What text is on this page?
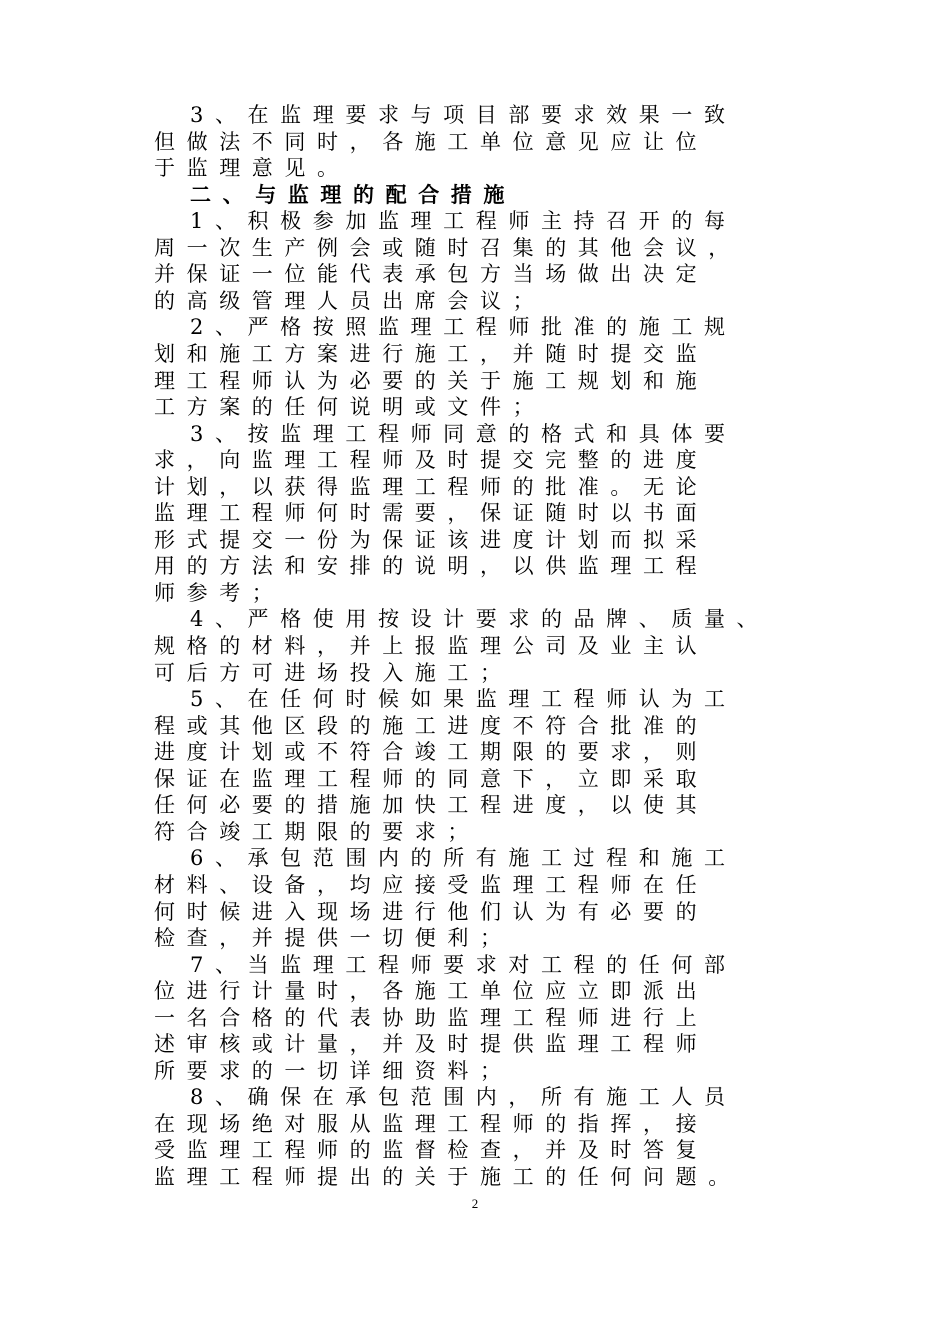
3、在监理要求与项目部要求效果一致
但做法不同时，各施工单位意见应让位
于监理意见。
二、与监理的配合措施
1、积极参加监理工程师主持召开的每
周一次生产例会或随时召集的其他会议，
并保证一位能代表承包方当场做出决定
的高级管理人员出席会议；
2、严格按照监理工程师批准的施工规
划和施工方案进行施工，并随时提交监
理工程师认为必要的关于施工规划和施
工方案的任何说明或文件；
3、按监理工程师同意的格式和具体要
求，向监理工程师及时提交完整的进度
计划，以获得监理工程师的批准。无论
监理工程师何时需要，保证随时以书面
形式提交一份为保证该进度计划而拟采
用的方法和安排的说明，以供监理工程
师参考；
4、严格使用按设计要求的品牌、质量、
规格的材料，并上报监理公司及业主认
可后方可进场投入施工；
5、在任何时候如果监理工程师认为工
程或其他区段的施工进度不符合批准的
进度计划或不符合竣工期限的要求，则
保证在监理工程师的同意下，立即采取
任何必要的措施加快工程进度，以使其
符合竣工期限的要求；
6、承包范围内的所有施工过程和施工
材料、设备，均应接受监理工程师在任
何时候进入现场进行他们认为有必要的
检查，并提供一切便利；
7、当监理工程师要求对工程的任何部
位进行计量时，各施工单位应立即派出
一名合格的代表协助监理工程师进行上
述审核或计量，并及时提供监理工程师
所要求的一切详细资料；
8、确保在承包范围内，所有施工人员
在现场绝对服从监理工程师的指挥，接
受监理工程师的监督检查，并及时答复
监理工程师提出的关于施工的任何问题。
2
